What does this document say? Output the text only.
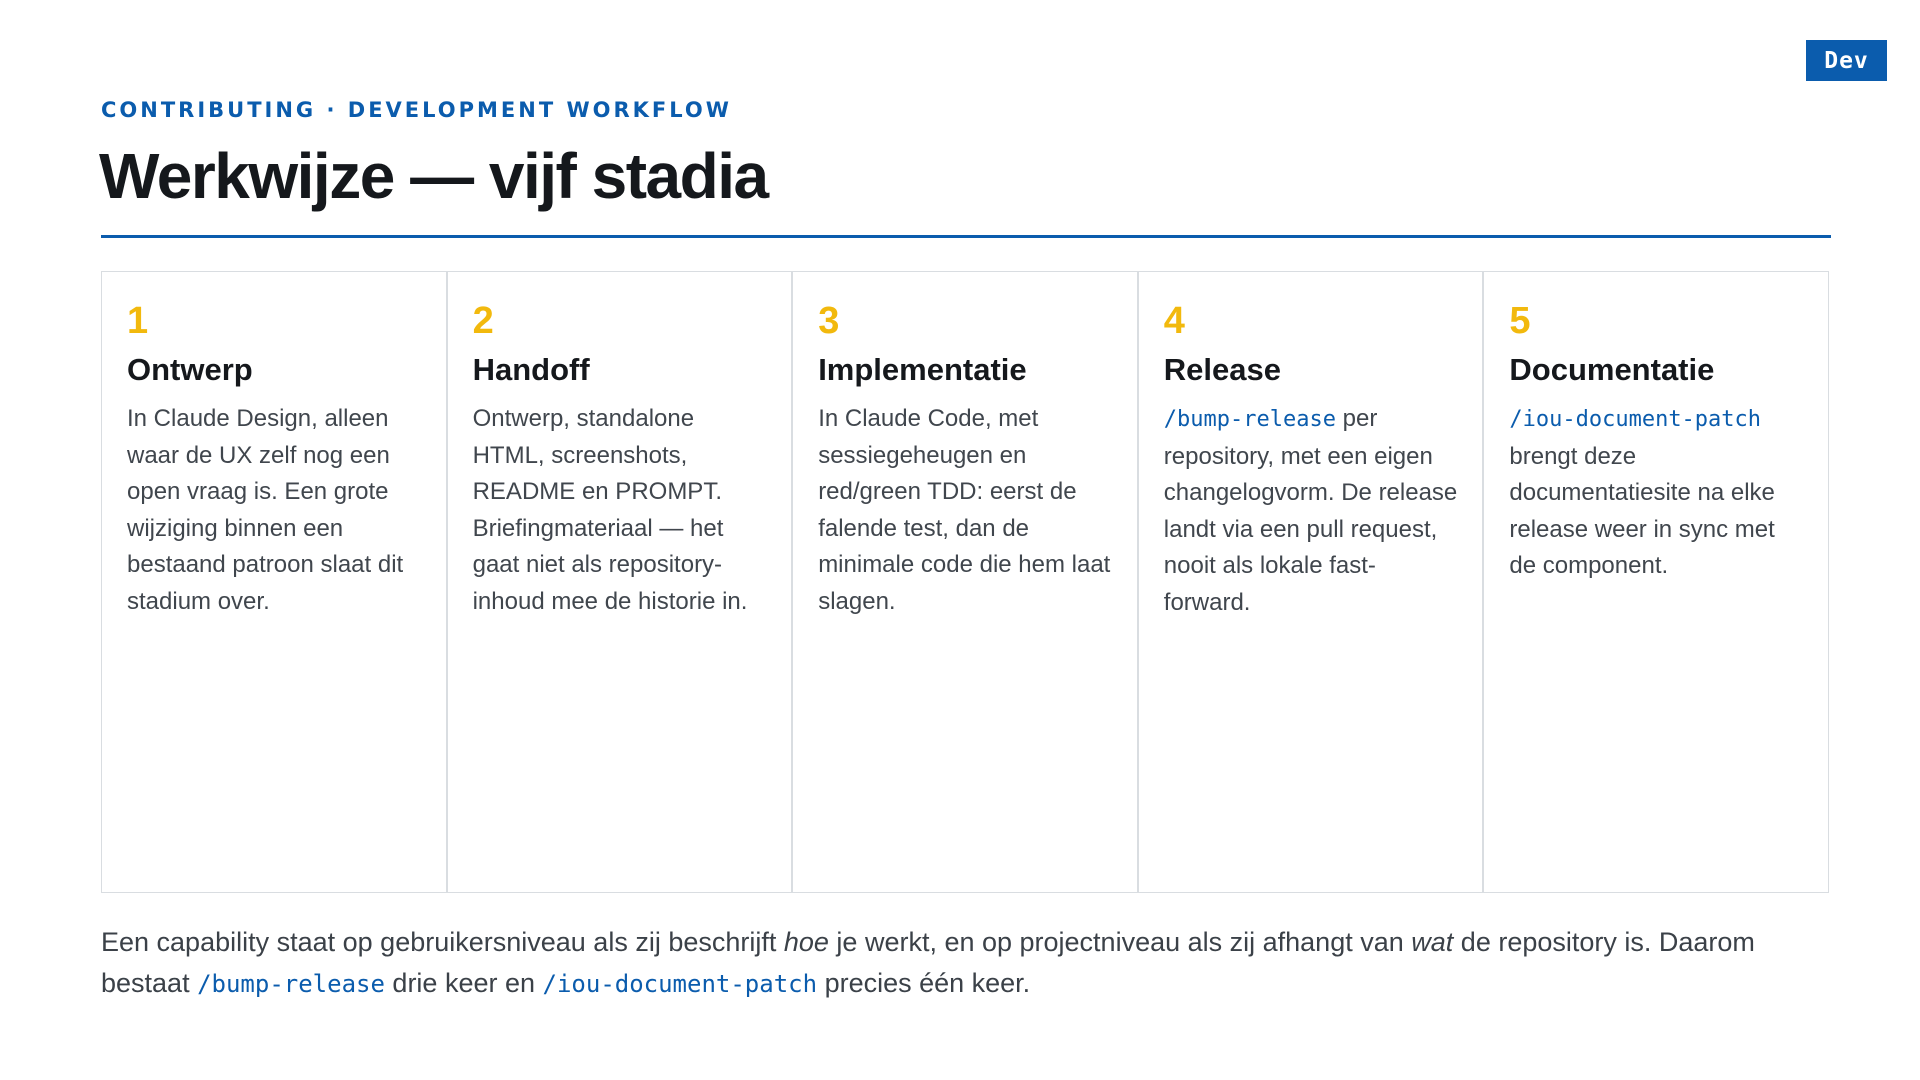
Dev
CONTRIBUTING · DEVELOPMENT WORKFLOW
Werkwijze — vijf stadia
1
Ontwerp
In Claude Design, alleen waar de UX zelf nog een open vraag is. Een grote wijziging binnen een bestaand patroon slaat dit stadium over.
2
Handoff
Ontwerp, standalone HTML, screenshots, README en PROMPT. Briefingmateriaal — het gaat niet als repository-inhoud mee de historie in.
3
Implementatie
In Claude Code, met sessiegeheugen en red/green TDD: eerst de falende test, dan de minimale code die hem laat slagen.
4
Release
/bump-release per repository, met een eigen changelogvorm. De release landt via een pull request, nooit als lokale fast-forward.
5
Documentatie
/iou-document-patch brengt deze documentatiesite na elke release weer in sync met de component.

Een capability staat op gebruikersniveau als zij beschrijft hoe je werkt, en op projectniveau als zij afhangt van wat de repository is. Daarom bestaat /bump-release drie keer en /iou-document-patch precies één keer.
